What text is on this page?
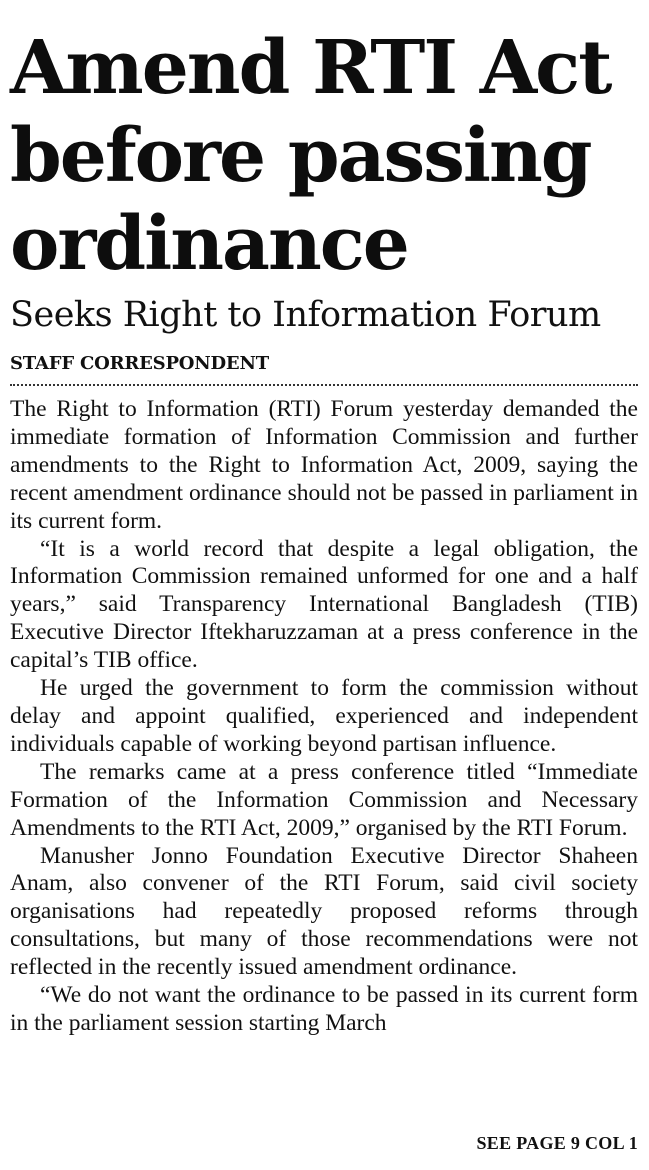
Amend RTI Act
before passing
ordinance
Seeks Right to Information Forum
STAFF CORRESPONDENT

The Right to Information (RTI) Forum yesterday demanded the immediate formation of Information Commission and further amendments to the Right to Information Act, 2009, saying the recent amendment ordinance should not be passed in parliament in its current form.

“It is a world record that despite a legal obligation, the Information Commission remained unformed for one and a half years,” said Transparency International Bangladesh (TIB) Executive Director Iftekharuzzaman at a press conference in the capital’s TIB office.

He urged the government to form the commission without delay and appoint qualified, experienced and independent individuals capable of working beyond partisan influence.

The remarks came at a press conference titled “Immediate Formation of the Information Commission and Necessary Amendments to the RTI Act, 2009,” organised by the RTI Forum.

Manusher Jonno Foundation Executive Director Shaheen Anam, also convener of the RTI Forum, said civil society organisations had repeatedly proposed reforms through consultations, but many of those recommendations were not reflected in the recently issued amendment ordinance.

“We do not want the ordinance to be passed in its current form in the parliament session starting March

SEE PAGE 9 COL 1
